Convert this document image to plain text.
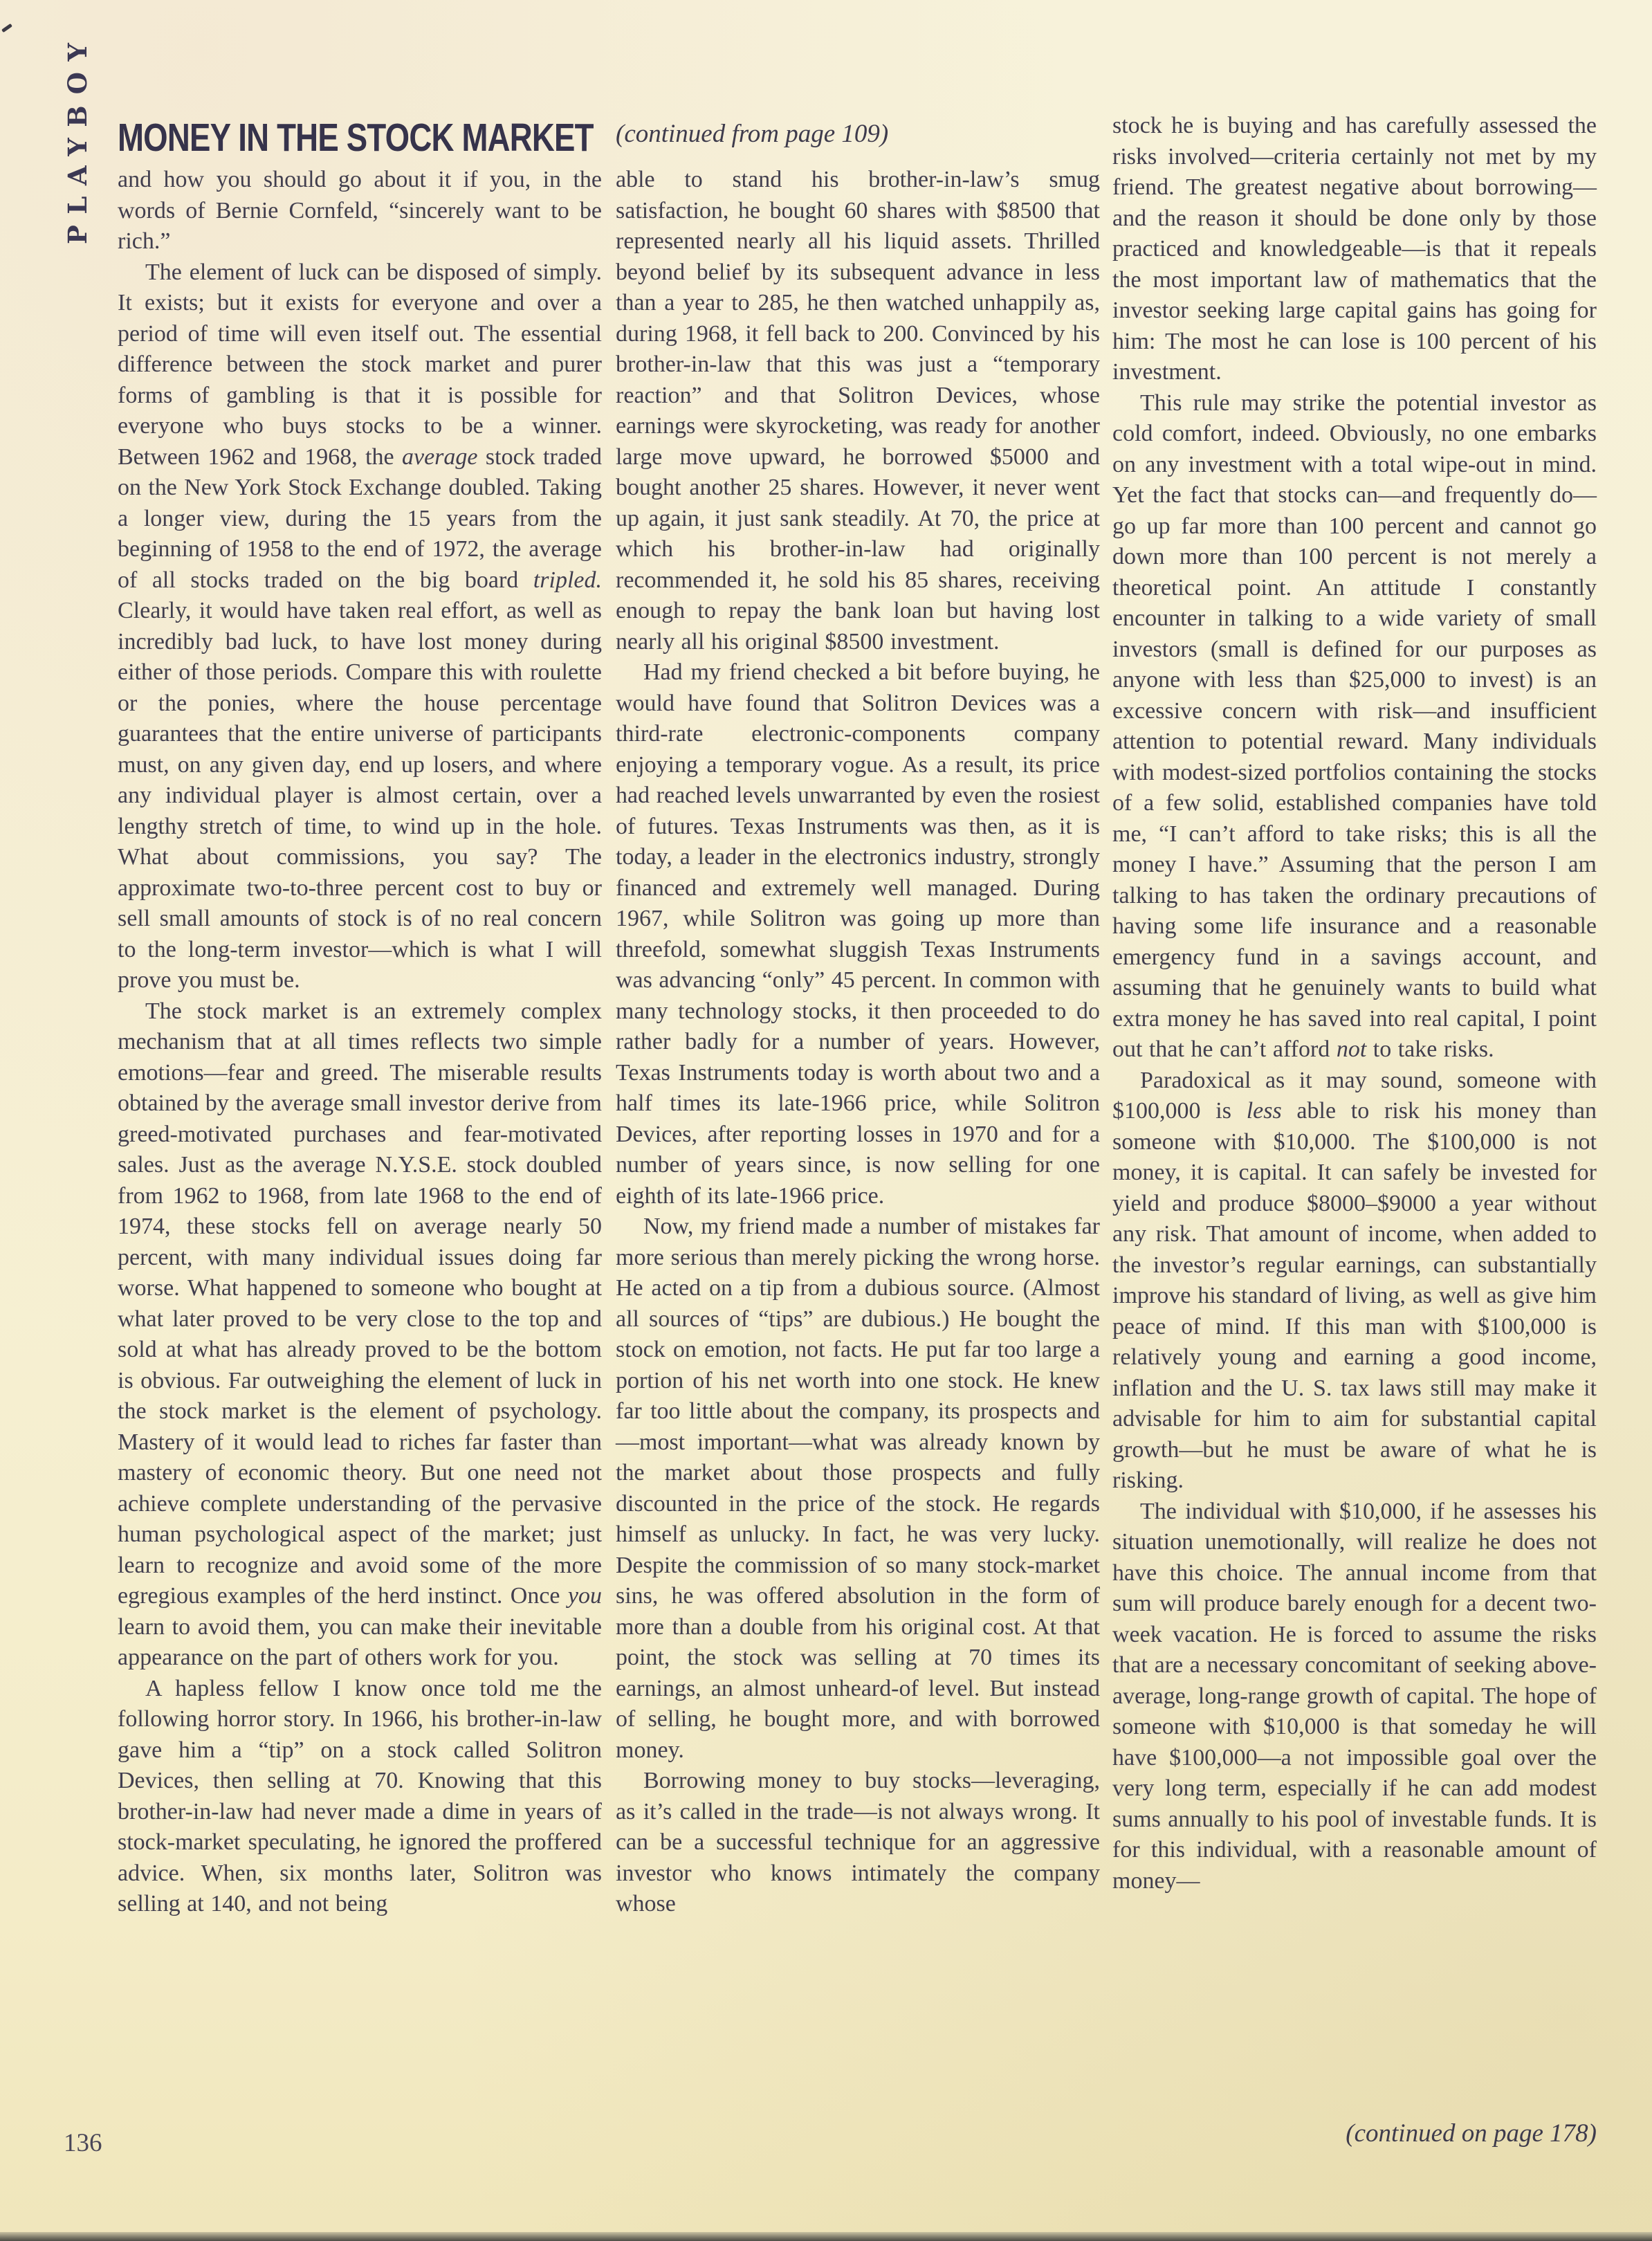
PLAYBOY MONEY IN THE STOCK MARKET (continued from page 109)

and how you should go about it if you, in the words of Bernie Cornfeld, “sincerely want to be rich.”

The element of luck can be disposed of simply. It exists; but it exists for everyone and over a period of time will even itself out. The essential difference between the stock market and purer forms of gambling is that it is possible for everyone who buys stocks to be a winner. Between 1962 and 1968, the average stock traded on the New York Stock Exchange doubled. Taking a longer view, during the 15 years from the beginning of 1958 to the end of 1972, the average of all stocks traded on the big board tripled. Clearly, it would have taken real effort, as well as incredibly bad luck, to have lost money during either of those periods. Compare this with roulette or the ponies, where the house percentage guarantees that the entire universe of participants must, on any given day, end up losers, and where any individual player is almost certain, over a lengthy stretch of time, to wind up in the hole. What about commissions, you say? The approximate two-to-three percent cost to buy or sell small amounts of stock is of no real concern to the long-term investor—which is what I will prove you must be.

The stock market is an extremely complex mechanism that at all times reflects two simple emotions—fear and greed. The miserable results obtained by the average small investor derive from greed-motivated purchases and fear-motivated sales. Just as the average N.Y.S.E. stock doubled from 1962 to 1968, from late 1968 to the end of 1974, these stocks fell on average nearly 50 percent, with many individual issues doing far worse. What happened to someone who bought at what later proved to be very close to the top and sold at what has already proved to be the bottom is obvious. Far outweighing the element of luck in the stock market is the element of psychology. Mastery of it would lead to riches far faster than mastery of economic theory. But one need not achieve complete understanding of the pervasive human psychological aspect of the market; just learn to recognize and avoid some of the more egregious examples of the herd instinct. Once you learn to avoid them, you can make their inevitable appearance on the part of others work for you.

A hapless fellow I know once told me the following horror story. In 1966, his brother-in-law gave him a “tip” on a stock called Solitron Devices, then selling at 70. Knowing that this brother-in-law had never made a dime in years of stock-market speculating, he ignored the proffered advice. When, six months later, Solitron was selling at 140, and not being

able to stand his brother-in-law’s smug satisfaction, he bought 60 shares with $8500 that represented nearly all his liquid assets. Thrilled beyond belief by its subsequent advance in less than a year to 285, he then watched unhappily as, during 1968, it fell back to 200. Convinced by his brother-in-law that this was just a “temporary reaction” and that Solitron Devices, whose earnings were skyrocketing, was ready for another large move upward, he borrowed $5000 and bought another 25 shares. However, it never went up again, it just sank steadily. At 70, the price at which his brother-in-law had originally recommended it, he sold his 85 shares, receiving enough to repay the bank loan but having lost nearly all his original $8500 investment.

Had my friend checked a bit before buying, he would have found that Solitron Devices was a third-rate electronic-components company enjoying a temporary vogue. As a result, its price had reached levels unwarranted by even the rosiest of futures. Texas Instruments was then, as it is today, a leader in the electronics industry, strongly financed and extremely well managed. During 1967, while Solitron was going up more than threefold, somewhat sluggish Texas Instruments was advancing “only” 45 percent. In common with many technology stocks, it then proceeded to do rather badly for a number of years. However, Texas Instruments today is worth about two and a half times its late-1966 price, while Solitron Devices, after reporting losses in 1970 and for a number of years since, is now selling for one eighth of its late-1966 price.

Now, my friend made a number of mistakes far more serious than merely picking the wrong horse. He acted on a tip from a dubious source. (Almost all sources of “tips” are dubious.) He bought the stock on emotion, not facts. He put far too large a portion of his net worth into one stock. He knew far too little about the company, its prospects and—most important—what was already known by the market about those prospects and fully discounted in the price of the stock. He regards himself as unlucky. In fact, he was very lucky. Despite the commission of so many stock-market sins, he was offered absolution in the form of more than a double from his original cost. At that point, the stock was selling at 70 times its earnings, an almost unheard-of level. But instead of selling, he bought more, and with borrowed money.

Borrowing money to buy stocks—leveraging, as it’s called in the trade—is not always wrong. It can be a successful technique for an aggressive investor who knows intimately the company whose

stock he is buying and has carefully assessed the risks involved—criteria certainly not met by my friend. The greatest negative about borrowing—and the reason it should be done only by those practiced and knowledgeable—is that it repeals the most important law of mathematics that the investor seeking large capital gains has going for him: The most he can lose is 100 percent of his investment.

This rule may strike the potential investor as cold comfort, indeed. Obviously, no one embarks on any investment with a total wipe-out in mind. Yet the fact that stocks can—and frequently do—go up far more than 100 percent and cannot go down more than 100 percent is not merely a theoretical point. An attitude I constantly encounter in talking to a wide variety of small investors (small is defined for our purposes as anyone with less than $25,000 to invest) is an excessive concern with risk—and insufficient attention to potential reward. Many individuals with modest-sized portfolios containing the stocks of a few solid, established companies have told me, “I can’t afford to take risks; this is all the money I have.” Assuming that the person I am talking to has taken the ordinary precautions of having some life insurance and a reasonable emergency fund in a savings account, and assuming that he genuinely wants to build what extra money he has saved into real capital, I point out that he can’t afford not to take risks.

Paradoxical as it may sound, someone with $100,000 is less able to risk his money than someone with $10,000. The $100,000 is not money, it is capital. It can safely be invested for yield and produce $8000–$9000 a year without any risk. That amount of income, when added to the investor’s regular earnings, can substantially improve his standard of living, as well as give him peace of mind. If this man with $100,000 is relatively young and earning a good income, inflation and the U. S. tax laws still may make it advisable for him to aim for substantial capital growth—but he must be aware of what he is risking.

The individual with $10,000, if he assesses his situation unemotionally, will realize he does not have this choice. The annual income from that sum will produce barely enough for a decent two-week vacation. He is forced to assume the risks that are a necessary concomitant of seeking above-average, long-range growth of capital. The hope of someone with $10,000 is that someday he will have $100,000—a not impossible goal over the very long term, especially if he can add modest sums annually to his pool of investable funds. It is for this individual, with a reasonable amount of money—

(continued on page 178)
136
